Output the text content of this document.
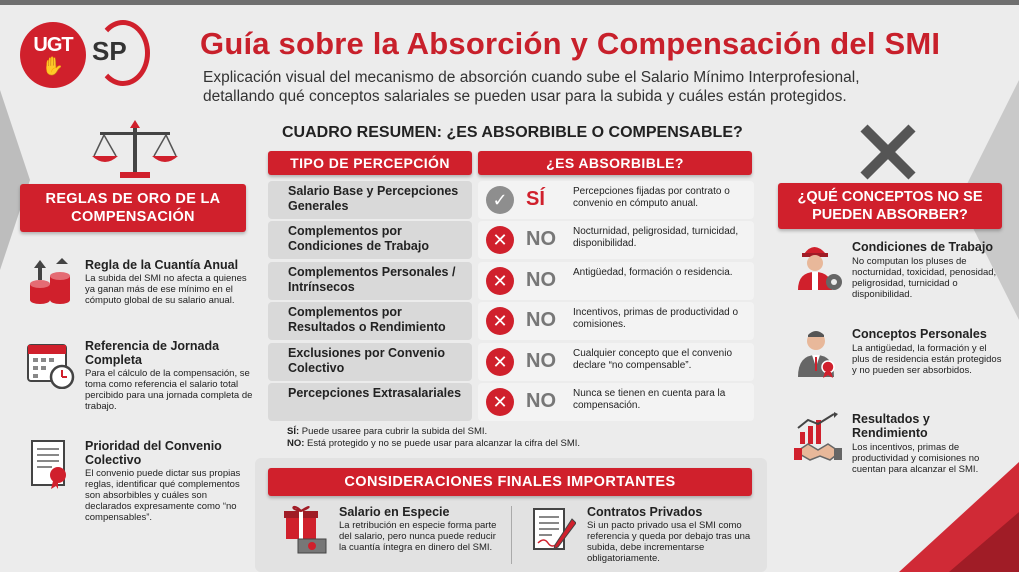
UGT
✋	SP Guía sobre la Absorción y Compensación del SMI
Explicación visual del mecanismo de absorción cuando sube el Salario Mínimo Interprofesional, detallando qué conceptos salariales se pueden usar para la subida y cuáles están protegidos.
REGLAS DE ORO DE LA COMPENSACIÓN
Regla de la Cuantía Anual

La subida del SMI no afecta a quienes ya ganan más de ese mínimo en el cómputo global de su salario anual.

Referencia de Jornada Completa

Para el cálculo de la compensación, se toma como referencia el salario total percibido para una jornada completa de trabajo.

Prioridad del Convenio Colectivo

El convenio puede dictar sus propias reglas, identificar qué complementos son absorbibles y cuáles son declarados expresamente como “no compensables”.

CUADRO RESUMEN: ¿ES ABSORBIBLE O COMPENSABLE?
TIPO DE PERCEPCIÓN	¿ES ABSORBIBLE?
Salario Base y Percepciones Generales	✓ SÍ	Percepciones fijadas por contrato o convenio en cómputo anual.
Complementos por Condiciones de Trabajo	✕ NO Nocturnidad, peligrosidad, turnicidad, disponibilidad.
Complementos Personales / Intrínsecos	✕ NO Antigüedad, formación o residencia.
Complementos por Resultados o Rendimiento	✕ NO Incentivos, primas de productividad o comisiones.
Exclusiones por Convenio Colectivo	✕ NO Cualquier concepto que el convenio declare “no compensable”.
Percepciones Extrasalariales	✕ NO Nunca se tienen en cuenta para la compensación.
SÍ: Puede usaree para cubrir la subida del SMI.
NO: Está protegido y no se puede usar para alcanzar la cifra del SMI.
CONSIDERACIONES FINALES IMPORTANTES
Salario en Especie

La retribución en especie forma parte del salario, pero nunca puede reducir la cuantía íntegra en dinero del SMI.

Contratos Privados

Si un pacto privado usa el SMI como referencia y queda por debajo tras una subida, debe incrementarse obligatoriamente.

¿QUÉ CONCEPTOS NO SE PUEDEN ABSORBER?
Condiciones de Trabajo

No computan los pluses de nocturnidad, toxicidad, penosidad, peligrosidad, turnicidad o disponibilidad.

Conceptos Personales

La antigüedad, la formación y el plus de residencia están protegidos y no pueden ser absorbidos.

Resultados y Rendimiento

Los incentivos, primas de productividad y comisiones no cuentan para alcanzar el SMI.
